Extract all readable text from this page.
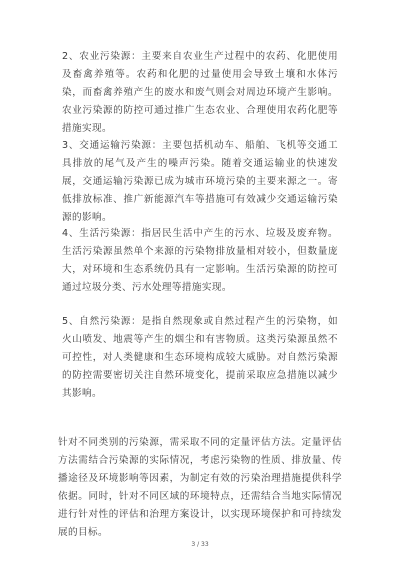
2、农业污染源：主要来自农业生产过程中的农药、化肥使用及畜禽养殖等。农药和化肥的过量使用会导致土壤和水体污染，而畜禽养殖产生的废水和废气则会对周边环境产生影响。农业污染源的防控可通过推广生态农业、合理使用农药化肥等措施实现。
3、交通运输污染源：主要包括机动车、船舶、飞机等交通工具排放的尾气及产生的噪声污染。随着交通运输业的快速发展，交通运输污染源已成为城市环境污染的主要来源之一。寄低排放标准、推广新能源汽车等措施可有效减少交通运输污染源的影响。
4、生活污染源：指居民生活中产生的污水、垃圾及废弃物。生活污染源虽然单个来源的污染物排放量相对较小，但数量庞大，对环境和生态系统仍具有一定影响。生活污染源的防控可通过垃圾分类、污水处理等措施实现。
5、自然污染源：是指自然现象或自然过程产生的污染物，如火山喷发、地震等产生的烟尘和有害物质。这类污染源虽然不可控性，对人类健康和生态环境构成较大威胁。对自然污染源的防控需要密切关注自然环境变化，提前采取应急措施以减少其影响。
针对不同类别的污染源，需采取不同的定量评估方法。定量评估方法需结合污染源的实际情况，考虑污染物的性质、排放量、传播途径及环境影响等因素，为制定有效的污染治理措施提供科学依据。同时，针对不同区域的环境特点，还需结合当地实际情况进行针对性的评估和治理方案设计，以实现环境保护和可持续发展的目标。
3 / 33
